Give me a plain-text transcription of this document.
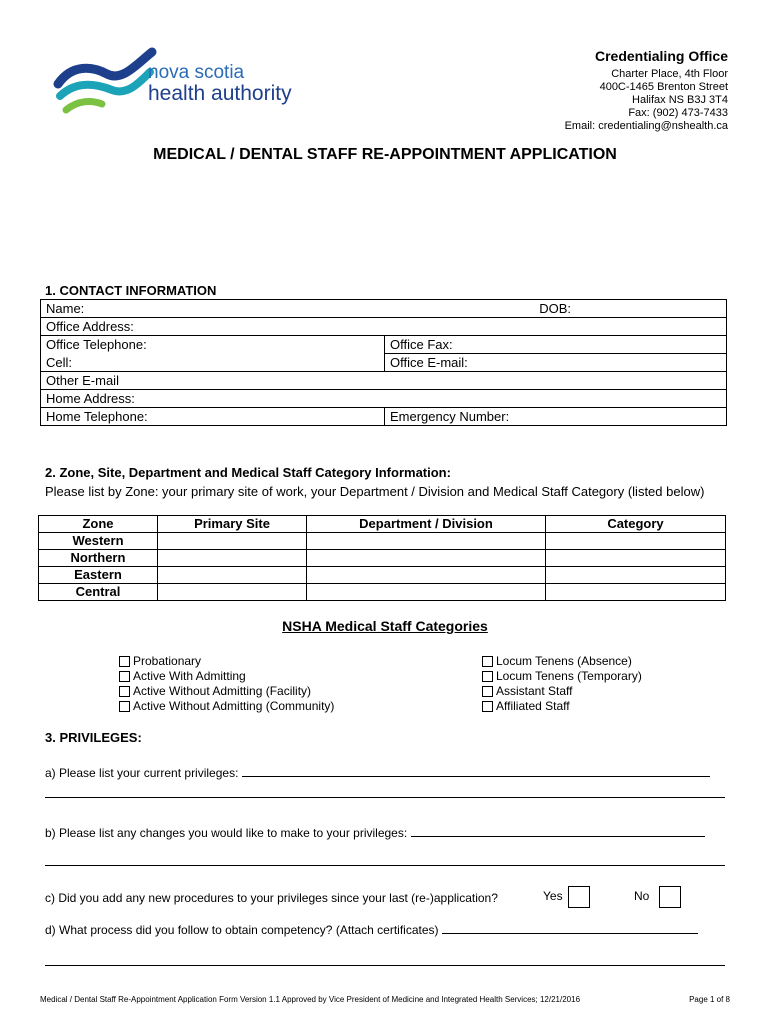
nova scotia
health authority
Credentialing Office
Charter Place, 4th Floor
400C-1465 Brenton Street
Halifax NS B3J 3T4
Fax: (902) 473-7433
Email: credentialing@nshealth.ca
MEDICAL / DENTAL STAFF RE-APPOINTMENT APPLICATION
1. CONTACT INFORMATION
Name: DOB:	

Office Address:	
Office Telephone:	Office Fax:
Cell:	Office E-mail:
Other E-mail	
Home Address:	
Home Telephone:	Emergency Number:
2. Zone, Site, Department and Medical Staff Category Information:
Please list by Zone: your primary site of work, your Department / Division and Medical Staff Category (listed below)
Zone	Primary Site	Department / Division	Category
Western			
Northern			
Eastern			
Central			
NSHA Medical Staff Categories
Probationary
Active With Admitting
Active Without Admitting (Facility)
Active Without Admitting (Community)
Locum Tenens (Absence)
Locum Tenens (Temporary)
Assistant Staff
Affiliated Staff
3. PRIVILEGES:
a) Please list your current privileges:
b) Please list any changes you would like to make to your privileges:
c) Did you add any new procedures to your privileges since your last (re-)application?	Yes	No
d) What process did you follow to obtain competency? (Attach certificates)
Medical / Dental Staff Re-Appointment Application Form Version 1.1 Approved by Vice President of Medicine and Integrated Health Services; 12/21/2016	Page 1 of 8
